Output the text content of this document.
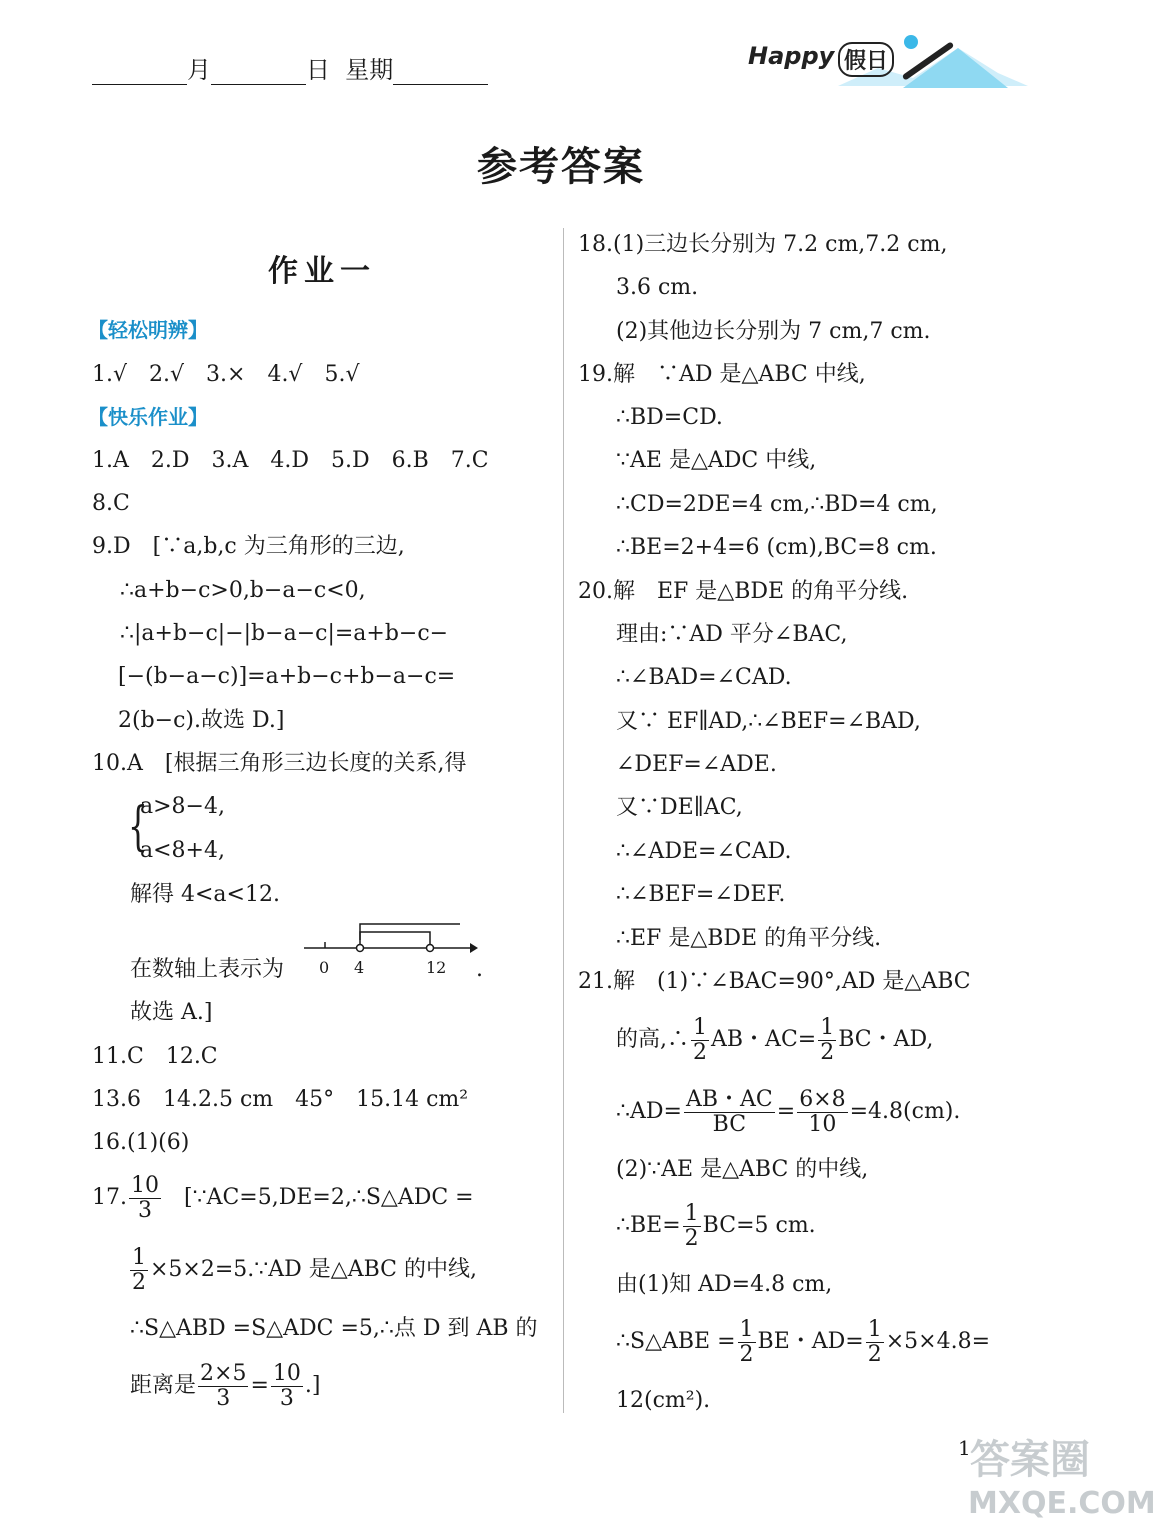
月	日 星期	Happy 假日
参考答案
作业一
【轻松明辨】
1.√　2.√　3.×　4.√　5.√
【快乐作业】
1.A　2.D　3.A　4.D　5.D　6.B　7.C
8.C
9.D　[∵a,b,c 为三角形的三边,
∴a+b−c>0,b−a−c<0,
∴|a+b−c|−|b−a−c|=a+b−c−
[−(b−a−c)]=a+b−c+b−a−c=
2(b−c).故选 D.]
10.A　[根据三角形三边长度的关系,得
{
a>8−4,
a<8+4,
解得 4<a<12.
在数轴上表示为 0 4	12 .
故选 A.]
11.C　12.C
13.6　14.2.5 cm　45°　15.14 cm²
16.(1)(6)
17. $\frac{10}{3}$ [∵AC=5,DE=2,∴S△ADC =
$\frac{1}{2}$ ×5×2=5.∵AD 是△ABC 的中线,
∴S△ABD =S△ADC =5,∴点 D 到 AB 的
距离是 $\frac{2\times 5}{3} = \frac{10}{3}$ .]
18.(1)三边长分别为 7.2 cm,7.2 cm,
3.6 cm.
(2)其他边长分别为 7 cm,7 cm.
19.解　∵AD 是△ABC 中线,
∴BD=CD.
∵AE 是△ADC 中线,
∴CD=2DE=4 cm,∴BD=4 cm,
∴BE=2+4=6 (cm),BC=8 cm.
20.解　EF 是△BDE 的角平分线.
理由:∵AD 平分∠BAC,
∴∠BAD=∠CAD.
又∵ EF∥AD,∴∠BEF=∠BAD,
∠DEF=∠ADE.
又∵DE∥AC,
∴∠ADE=∠CAD.
∴∠BEF=∠DEF.
∴EF 是△BDE 的角平分线.
21.解　(1)∵∠BAC=90°,AD 是△ABC
的高,∴ $\frac{1}{2}$ AB・$AC= \frac{1}{2}$ BC・AD,
∴AD= $\frac{AB・AC}{BC} = \frac{6\times 8}{10} =4.8(cm)$.
(2)∵AE 是△ABC 的中线,
∴BE= $\frac{1}{2} BC=5$ cm.
由(1)知 AD=4.8 cm,
∴S△ABE = $\frac{1}{2}$ BE・$AD= \frac{1}{2} \times 5\times 4.8=$
12(cm²).
1 答案圈
MXQE.COM
